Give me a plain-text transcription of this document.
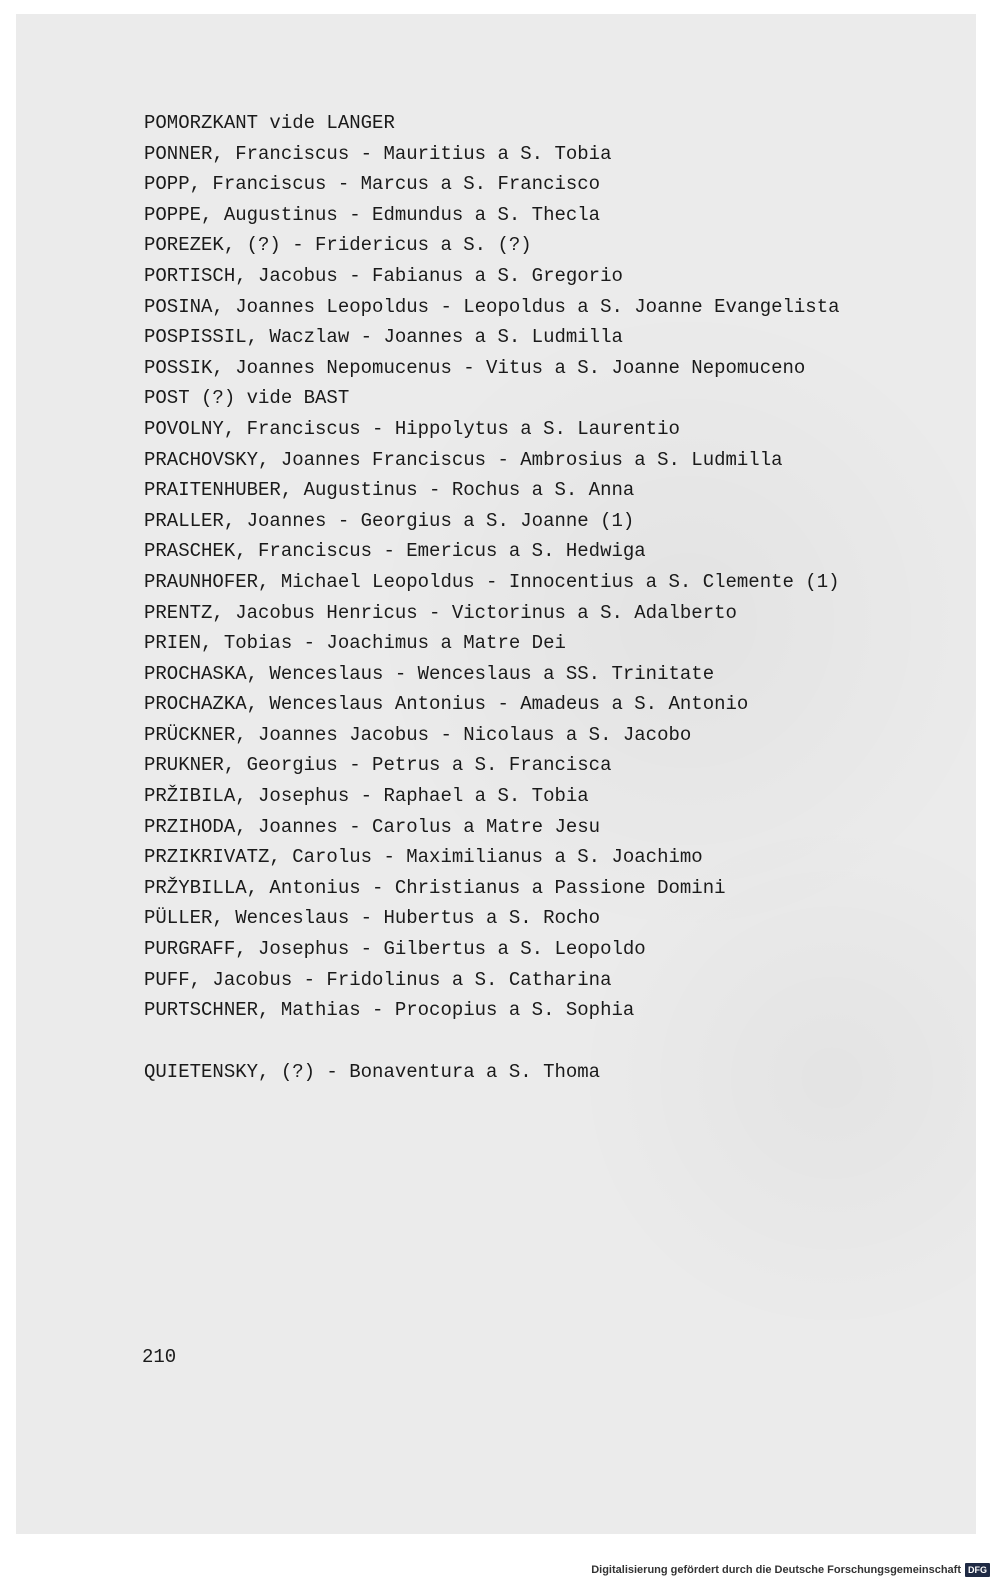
POMORZKANT vide LANGER
PONNER, Franciscus - Mauritius a S. Tobia
POPP, Franciscus - Marcus a S. Francisco
POPPE, Augustinus - Edmundus a S. Thecla
POREZEK, (?) - Fridericus a S. (?)
PORTISCH, Jacobus - Fabianus a S. Gregorio
POSINA, Joannes Leopoldus - Leopoldus a S. Joanne Evangelista
POSPISSIL, Waczlaw - Joannes a S. Ludmilla
POSSIK, Joannes Nepomucenus - Vitus a S. Joanne Nepomuceno
POST (?) vide BAST
POVOLNY, Franciscus - Hippolytus a S. Laurentio
PRACHOVSKY, Joannes Franciscus - Ambrosius a S. Ludmilla
PRAITENHUBER, Augustinus - Rochus a S. Anna
PRALLER, Joannes - Georgius a S. Joanne (1)
PRASCHEK, Franciscus - Emericus a S. Hedwiga
PRAUNHOFER, Michael Leopoldus - Innocentius a S. Clemente (1)
PRENTZ, Jacobus Henricus - Victorinus a S. Adalberto
PRIEN, Tobias - Joachimus a Matre Dei
PROCHASKA, Wenceslaus - Wenceslaus a SS. Trinitate
PROCHAZKA, Wenceslaus Antonius - Amadeus a S. Antonio
PRÜCKNER, Joannes Jacobus - Nicolaus a S. Jacobo
PRUKNER, Georgius - Petrus a S. Francisca
PRŽIBILA, Josephus - Raphael a S. Tobia
PRZIHODA, Joannes - Carolus a Matre Jesu
PRZIKRIVATZ, Carolus - Maximilianus a S. Joachimo
PRŽYBILLA, Antonius - Christianus a Passione Domini
PÜLLER, Wenceslaus - Hubertus a S. Rocho
PURGRAFF, Josephus - Gilbertus a S. Leopoldo
PUFF, Jacobus - Fridolinus a S. Catharina
PURTSCHNER, Mathias - Procopius a S. Sophia
QUIETENSKY, (?) - Bonaventura a S. Thoma
210
Digitalisierung gefördert durch die Deutsche Forschungsgemeinschaft DFG
